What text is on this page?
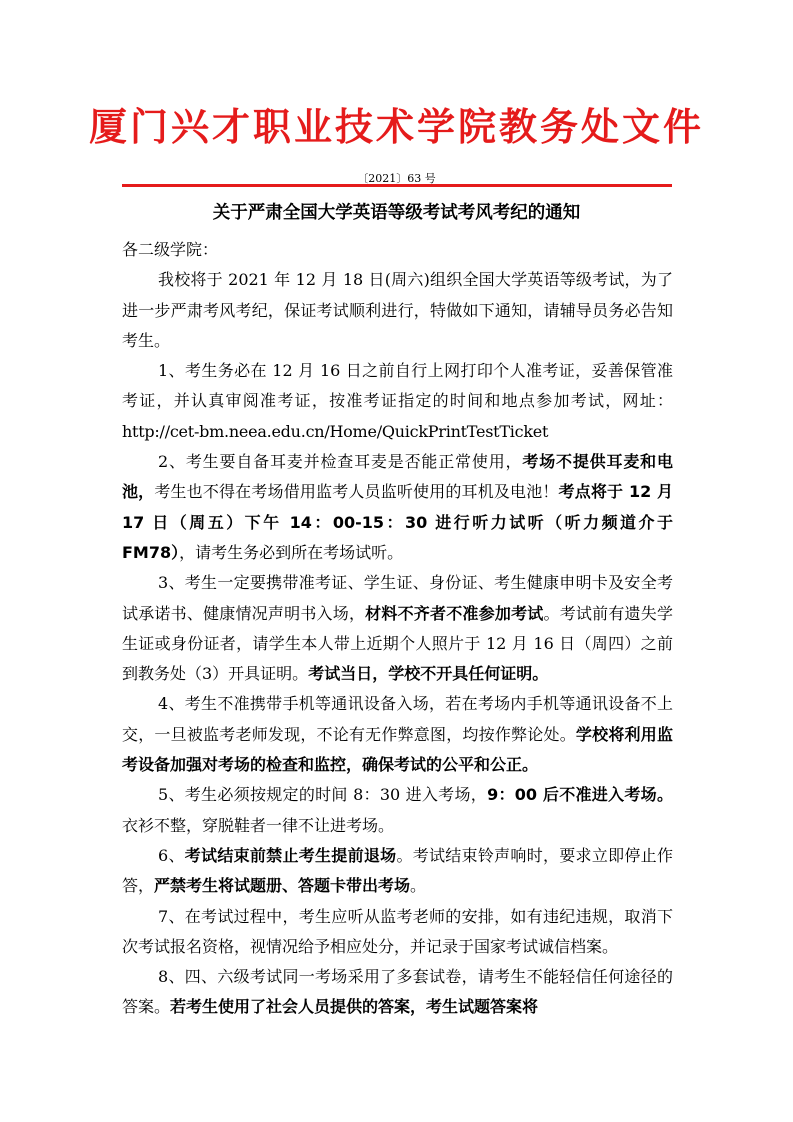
厦门兴才职业技术学院教务处文件
〔2021〕63 号
关于严肃全国大学英语等级考试考风考纪的通知

各二级学院：

我校将于 2021 年 12 月 18 日(周六)组织全国大学英语等级考试，为了进一步严肃考风考纪，保证考试顺利进行，特做如下通知，请辅导员务必告知考生。

1、考生务必在 12 月 16 日之前自行上网打印个人准考证，妥善保管准考证，并认真审阅准考证，按准考证指定的时间和地点参加考试，网址：http://cet-bm.neea.edu.cn/Home/QuickPrintTestTicket

2、考生要自备耳麦并检查耳麦是否能正常使用，考场不提供耳麦和电池，考生也不得在考场借用监考人员监听使用的耳机及电池！考点将于 12 月 17 日（周五）下午 14：00-15：30 进行听力试听（听力频道介于 FM78），请考生务必到所在考场试听。

3、考生一定要携带准考证、学生证、身份证、考生健康申明卡及安全考试承诺书、健康情况声明书入场，材料不齐者不准参加考试。考试前有遗失学生证或身份证者，请学生本人带上近期个人照片于 12 月 16 日（周四）之前到教务处（3）开具证明。考试当日，学校不开具任何证明。

4、考生不准携带手机等通讯设备入场，若在考场内手机等通讯设备不上交，一旦被监考老师发现，不论有无作弊意图，均按作弊论处。学校将利用监考设备加强对考场的检查和监控，确保考试的公平和公正。

5、考生必须按规定的时间 8：30 进入考场，9：00 后不准进入考场。衣衫不整，穿脱鞋者一律不让进考场。

6、考试结束前禁止考生提前退场。考试结束铃声响时，要求立即停止作答，严禁考生将试题册、答题卡带出考场。

7、在考试过程中，考生应听从监考老师的安排，如有违纪违规，取消下次考试报名资格，视情况给予相应处分，并记录于国家考试诚信档案。

8、四、六级考试同一考场采用了多套试卷，请考生不能轻信任何途径的答案。若考生使用了社会人员提供的答案，考生试题答案将
